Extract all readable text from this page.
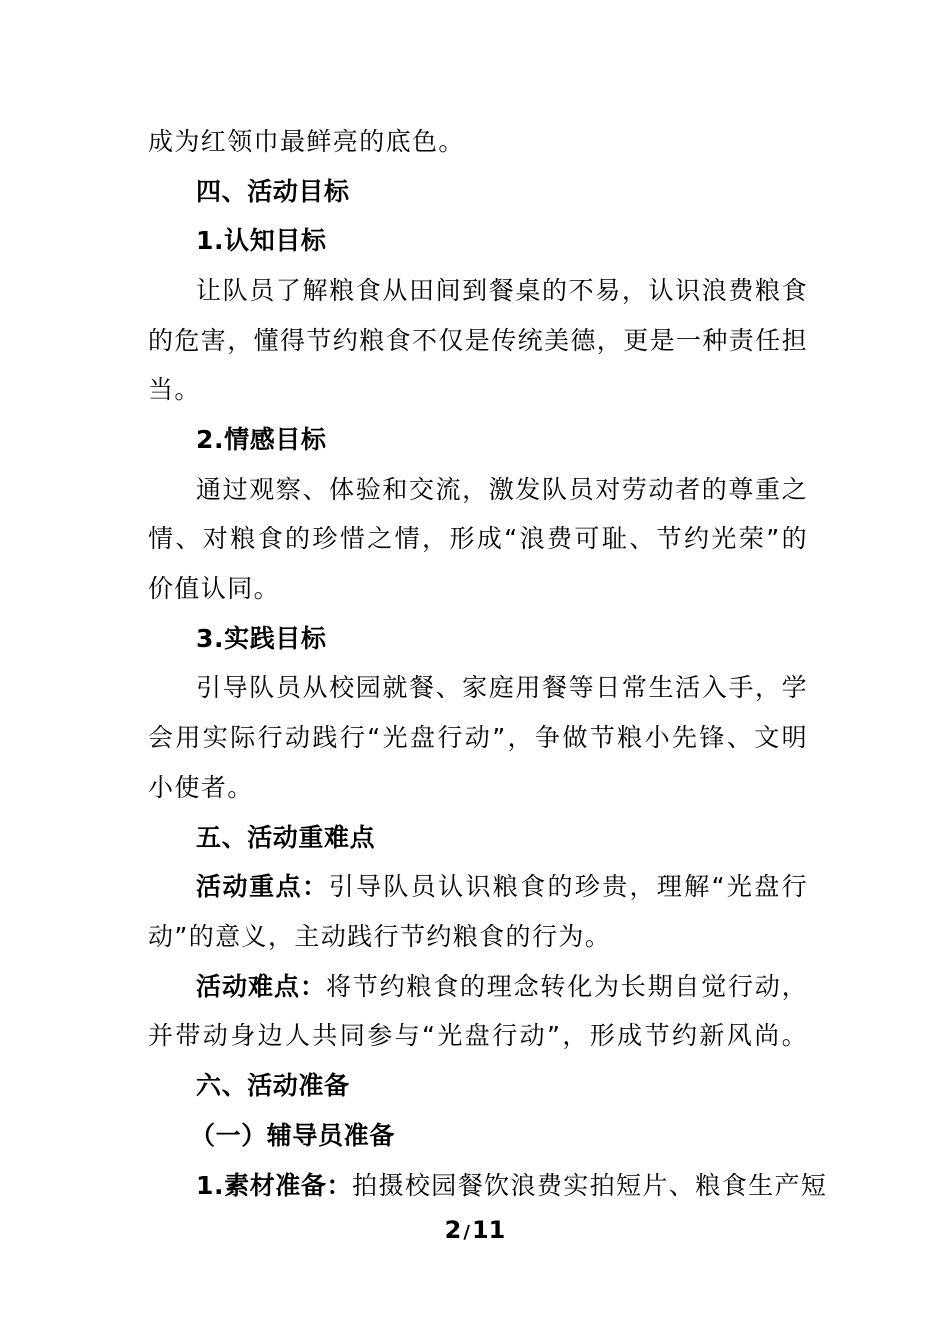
成为红领巾最鲜亮的底色。
四、活动目标
1.认知目标
让队员了解粮食从田间到餐桌的不易，认识浪费粮食
的危害，懂得节约粮食不仅是传统美德，更是一种责任担
当。
2.情感目标
通过观察、体验和交流，激发队员对劳动者的尊重之
情、对粮食的珍惜之情，形成“浪费可耻、节约光荣”的
价值认同。
3.实践目标
引导队员从校园就餐、家庭用餐等日常生活入手，学
会用实际行动践行“光盘行动”，争做节粮小先锋、文明
小使者。
五、活动重难点
活动重点：引导队员认识粮食的珍贵，理解“光盘行
动”的意义，主动践行节约粮食的行为。
活动难点：将节约粮食的理念转化为长期自觉行动，
并带动身边人共同参与“光盘行动”，形成节约新风尚。
六、活动准备
（一）辅导员准备
1.素材准备：拍摄校园餐饮浪费实拍短片、粮食生产短
2 /11
